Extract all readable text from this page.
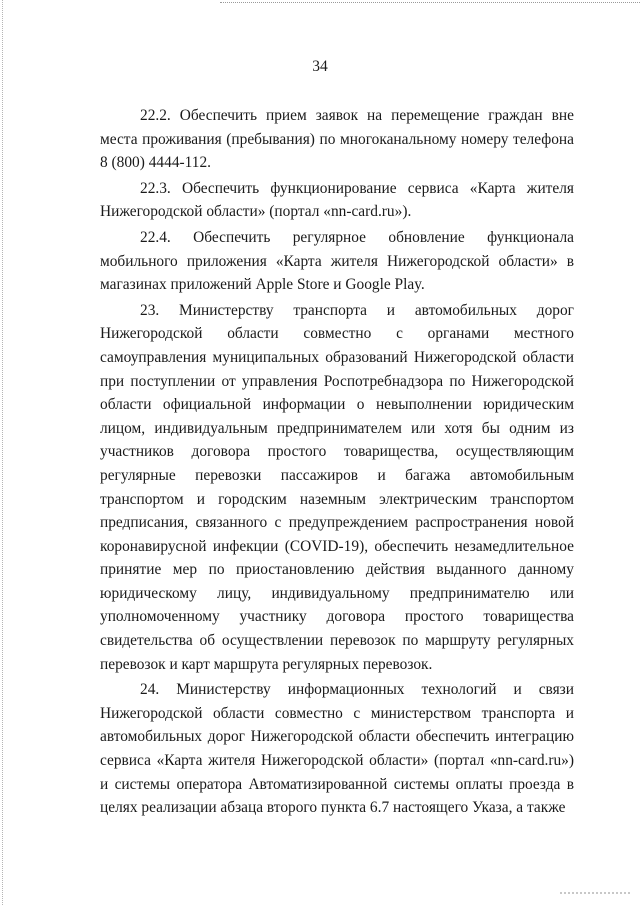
34

22.2. Обеспечить прием заявок на перемещение граждан вне места проживания (пребывания) по многоканальному номеру телефона 8 (800) 4444-112.

22.3. Обеспечить функционирование сервиса «Карта жителя Нижегородской области» (портал «nn-card.ru»).

22.4. Обеспечить регулярное обновление функционала мобильного приложения «Карта жителя Нижегородской области» в магазинах приложений Apple Store и Google Play.

23. Министерству транспорта и автомобильных дорог Нижегородской области совместно с органами местного самоуправления муниципальных образований Нижегородской области при поступлении от управления Роспотребнадзора по Нижегородской области официальной информации о невыполнении юридическим лицом, индивидуальным предпринимателем или хотя бы одним из участников договора простого товарищества, осуществляющим регулярные перевозки пассажиров и багажа автомобильным транспортом и городским наземным электрическим транспортом предписания, связанного с предупреждением распространения новой коронавирусной инфекции (COVID-19), обеспечить незамедлительное принятие мер по приостановлению действия выданного данному юридическому лицу, индивидуальному предпринимателю или уполномоченному участнику договора простого товарищества свидетельства об осуществлении перевозок по маршруту регулярных перевозок и карт маршрута регулярных перевозок.

24. Министерству информационных технологий и связи Нижегородской области совместно с министерством транспорта и автомобильных дорог Нижегородской области обеспечить интеграцию сервиса «Карта жителя Нижегородской области» (портал «nn-card.ru») и системы оператора Автоматизированной системы оплаты проезда в целях реализации абзаца второго пункта 6.7 настоящего Указа, а также
